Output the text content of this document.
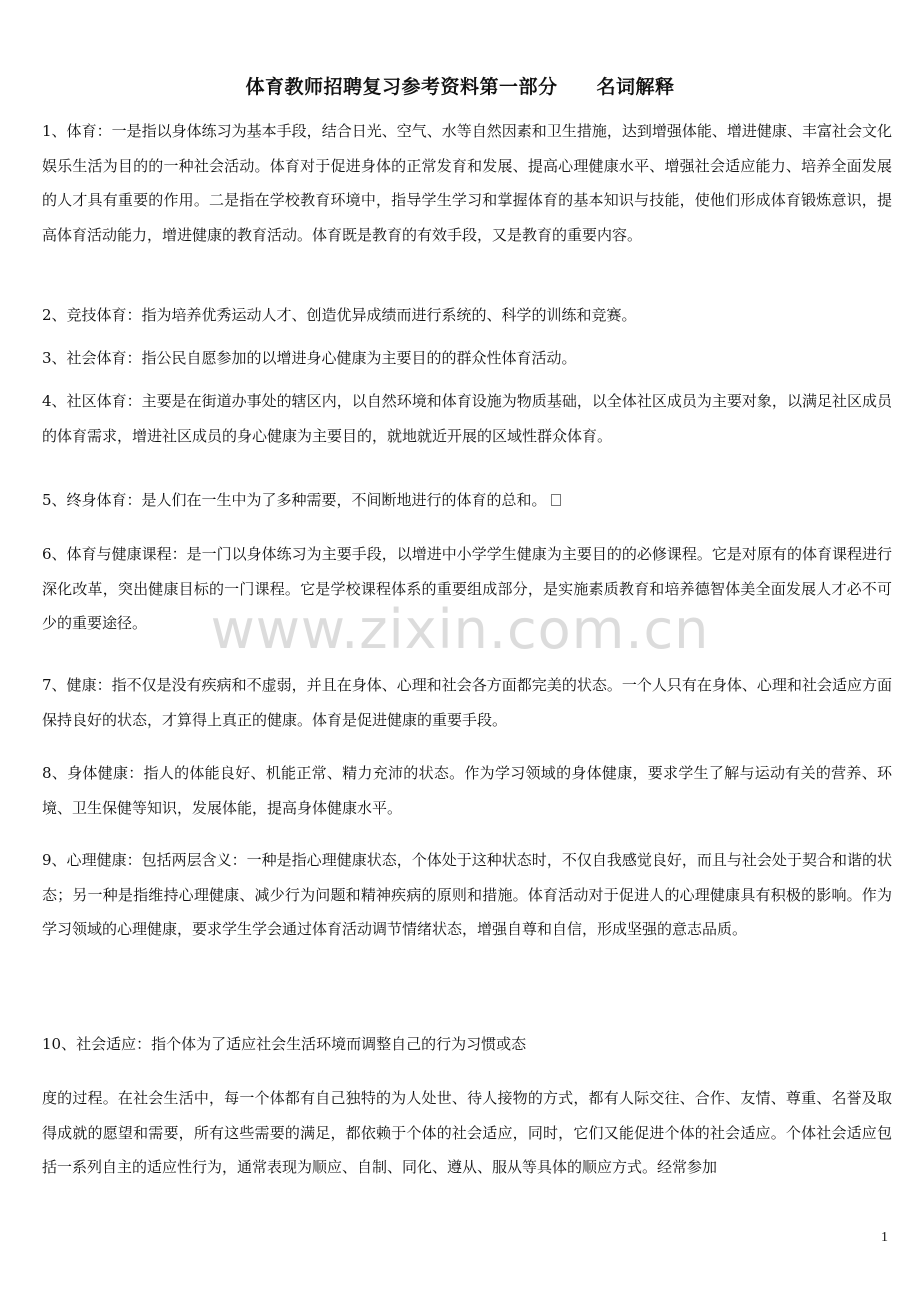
体育教师招聘复习参考资料第一部分　　名词解释

1、体育：一是指以身体练习为基本手段，结合日光、空气、水等自然因素和卫生措施，达到增强体能、增进健康、丰富社会文化娱乐生活为目的的一种社会活动。体育对于促进身体的正常发育和发展、提高心理健康水平、增强社会适应能力、培养全面发展的人才具有重要的作用。二是指在学校教育环境中，指导学生学习和掌握体育的基本知识与技能，使他们形成体育锻炼意识，提高体育活动能力，增进健康的教育活动。体育既是教育的有效手段，又是教育的重要内容。

2、竞技体育：指为培养优秀运动人才、创造优异成绩而进行系统的、科学的训练和竞赛。

3、社会体育：指公民自愿参加的以增进身心健康为主要目的的群众性体育活动。

4、社区体育：主要是在街道办事处的辖区内，以自然环境和体育设施为物质基础，以全体社区成员为主要对象，以满足社区成员的体育需求，增进社区成员的身心健康为主要目的，就地就近开展的区域性群众体育。

5、终身体育：是人们在一生中为了多种需要，不间断地进行的体育的总和。

6、体育与健康课程：是一门以身体练习为主要手段，以增进中小学学生健康为主要目的的必修课程。它是对原有的体育课程进行深化改革，突出健康目标的一门课程。它是学校课程体系的重要组成部分，是实施素质教育和培养德智体美全面发展人才必不可少的重要途径。

7、健康：指不仅是没有疾病和不虚弱，并且在身体、心理和社会各方面都完美的状态。一个人只有在身体、心理和社会适应方面保持良好的状态，才算得上真正的健康。体育是促进健康的重要手段。

8、身体健康：指人的体能良好、机能正常、精力充沛的状态。作为学习领域的身体健康，要求学生了解与运动有关的营养、环境、卫生保健等知识，发展体能，提高身体健康水平。

9、心理健康：包括两层含义：一种是指心理健康状态，个体处于这种状态时，不仅自我感觉良好，而且与社会处于契合和谐的状态；另一种是指维持心理健康、减少行为问题和精神疾病的原则和措施。体育活动对于促进人的心理健康具有积极的影响。作为学习领域的心理健康，要求学生学会通过体育活动调节情绪状态，增强自尊和自信，形成坚强的意志品质。

10、社会适应：指个体为了适应社会生活环境而调整自己的行为习惯或态

度的过程。在社会生活中，每一个体都有自己独特的为人处世、待人接物的方式，都有人际交往、合作、友情、尊重、名誉及取得成就的愿望和需要，所有这些需要的满足，都依赖于个体的社会适应，同时，它们又能促进个体的社会适应。个体社会适应包括一系列自主的适应性行为，通常表现为顺应、自制、同化、遵从、服从等具体的顺应方式。经常参加

www.zixin.com.cn
1
